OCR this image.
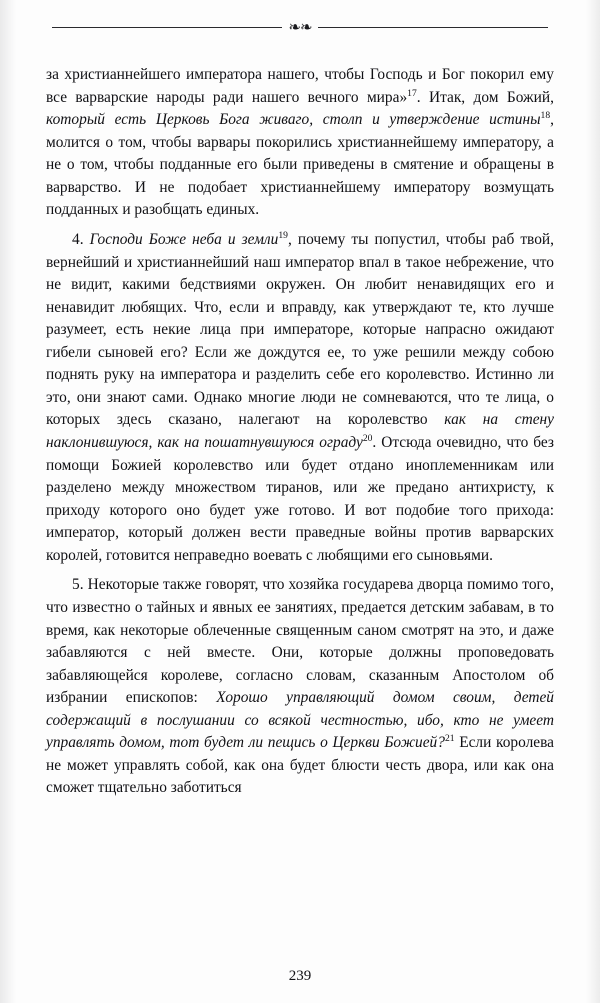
❧❧

за христианнейшего императора нашего, чтобы Господь и Бог покорил ему все варварские народы ради нашего вечного мира»$^{17}$. Итак, дом Божий, который есть Церковь Бога живаго, столп и утверждение истины$^{18}$, молится о том, чтобы варвары покорились христианнейшему императору, а не о том, чтобы подданные его были приведены в смятение и обращены в варварство. И не подобает христианнейшему императору возмущать подданных и разобщать единых.

4. Господи Боже неба и земли$^{19}$, почему ты попустил, чтобы раб твой, вернейший и христианнейший наш император впал в такое небрежение, что не видит, какими бедствиями окружен. Он любит ненавидящих его и ненавидит любящих. Что, если и вправду, как утверждают те, кто лучше разумеет, есть некие лица при императоре, которые напрасно ожидают гибели сыновей его? Если же дождутся ее, то уже решили между собою поднять руку на императора и разделить себе его королевство. Истинно ли это, они знают сами. Однако многие люди не сомневаются, что те лица, о которых здесь сказано, налегают на королевство как на стену наклонившуюся, как на пошатнувшуюся ограду$^{20}$. Отсюда очевидно, что без помощи Божией королевство или будет отдано иноплеменникам или разделено между множеством тиранов, или же предано антихристу, к приходу которого оно будет уже готово. И вот подобие того прихода: император, который должен вести праведные войны против варварских королей, готовится неправедно воевать с любящими его сыновьями.

5. Некоторые также говорят, что хозяйка государева дворца помимо того, что известно о тайных и явных ее занятиях, предается детским забавам, в то время, как некоторые облеченные священным саном смотрят на это, и даже забавляются с ней вместе. Они, которые должны проповедовать забавляющейся королеве, согласно словам, сказанным Апостолом об избрании епископов: Хорошо управляющий домом своим, детей содержащий в послушании со всякой честностью, ибо, кто не умеет управлять домом, тот будет ли пещись о Церкви Божией?$^{21}$ Если королева не может управлять собой, как она будет блюсти честь двора, или как она сможет тщательно заботиться

239
